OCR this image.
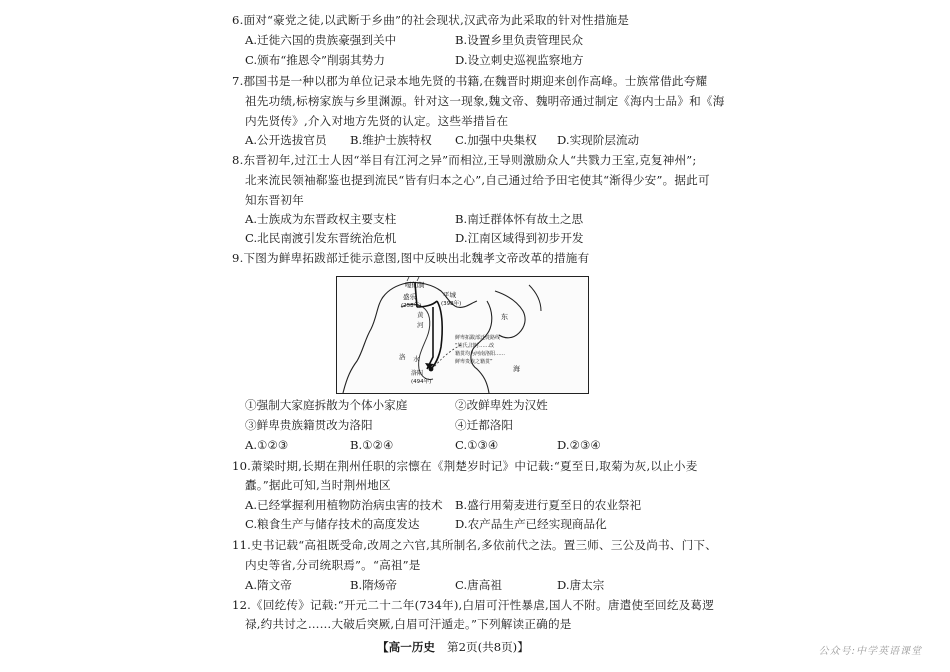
6.面对“豪党之徒,以武断于乡曲”的社会现状,汉武帝为此采取的针对性措施是
A.迁徙六国的贵族豪强到关中	B.设置乡里负责管理民众
C.颁布“推恩令”削弱其势力	D.设立刺史巡视监察地方
7.郡国书是一种以郡为单位记录本地先贤的书籍,在魏晋时期迎来创作高峰。士族常借此夸耀
祖先功绩,标榜家族与乡里渊源。针对这一现象,魏文帝、魏明帝通过制定《海内士品》和《海
内先贤传》,介入对地方先贤的认定。这些举措旨在
A.公开选拔官员 B.维护士族特权 C.加强中央集权 D.实现阶层流动
8.东晋初年,过江士人因“举目有江河之异”而相泣,王导则激励众人“共戮力王室,克复神州”;
北来流民领袖郗鉴也提到流民“皆有归本之心”,自己通过给予田宅使其“渐得少安”。据此可
知东晋初年
A.士族成为东晋政权主要支柱	B.南迁群体怀有故土之思
C.北民南渡引发东晋统治危机	D.江南区域得到初步开发
9.下图为鲜卑拓跋部迁徙示意图,图中反映出北魏孝文帝改革的措施有
嘎仙洞
盛乐
(258年)
平城
(398年)
黄
河
洛 水
洛阳
(494年)
东
海
鲜卑拓跋部迁徙路线
“姓氏,旧时……改
籍贯均为河南洛阳……
鲜卑贵族之籍贯”
①强制大家庭拆散为个体小家庭	②改鲜卑姓为汉姓
③鲜卑贵族籍贯改为洛阳	④迁都洛阳
A.①②③	B.①②④	C.①③④	D.②③④
10.萧梁时期,长期在荆州任职的宗懔在《荆楚岁时记》中记载:“夏至日,取菊为灰,以止小麦
蠹。”据此可知,当时荆州地区
A.已经掌握利用植物防治病虫害的技术 B.盛行用菊麦进行夏至日的农业祭祀
C.粮食生产与储存技术的高度发达	D.农产品生产已经实现商品化
11.史书记载“高祖既受命,改周之六官,其所制名,多依前代之法。置三师、三公及尚书、门下、
内史等省,分司统职焉”。“高祖”是
A.隋文帝	B.隋炀帝	C.唐高祖	D.唐太宗
12.《回纥传》记载:“开元二十二年(734年),白眉可汗性暴虐,国人不附。唐遣使至回纥及葛逻
禄,约共讨之……大破后突厥,白眉可汗遁走。”下列解读正确的是
【高一历史 第2页(共8页)】	公众号:中学英语课堂
